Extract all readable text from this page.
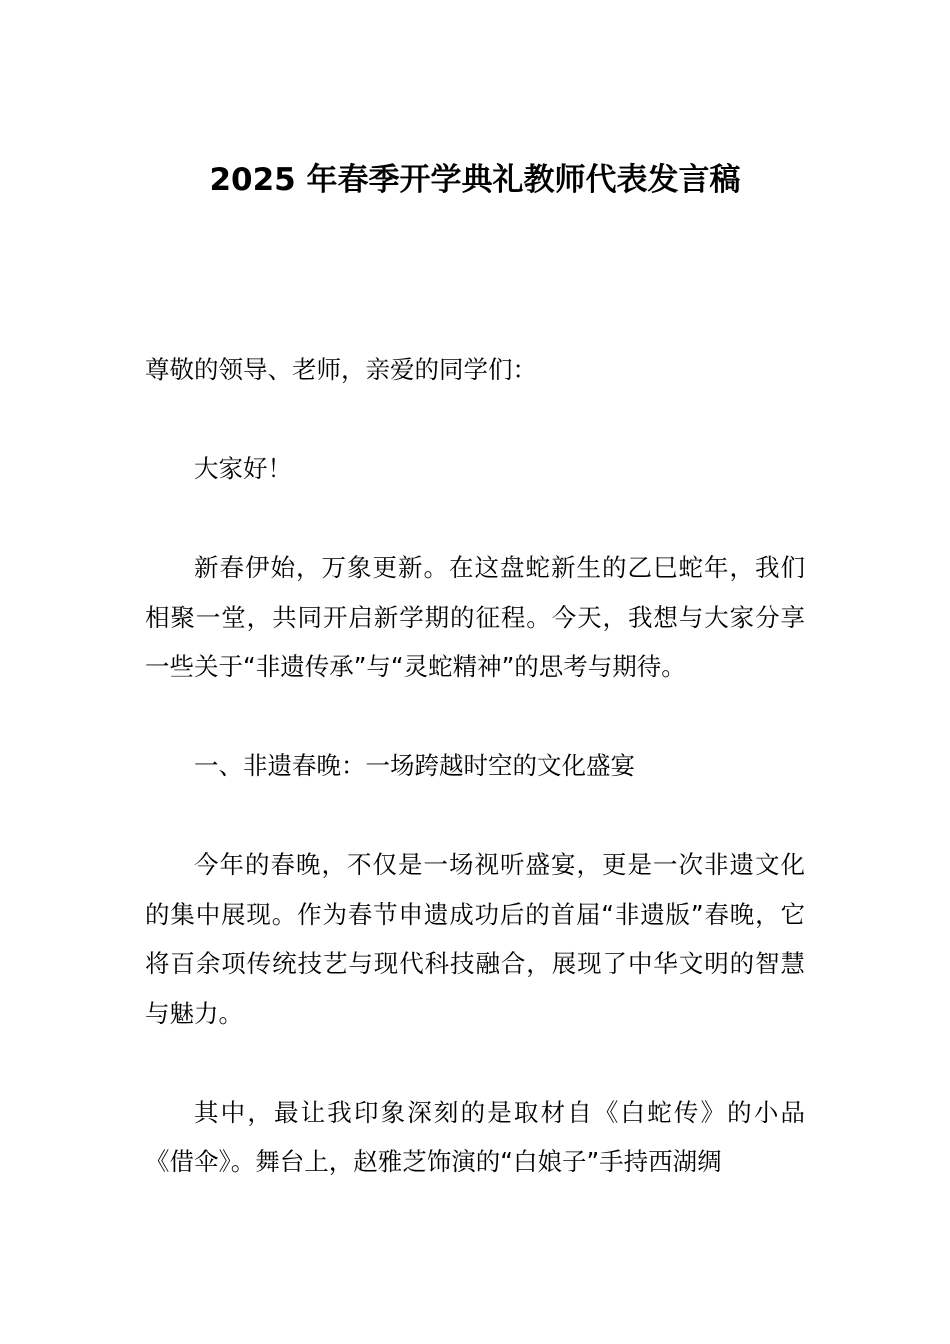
2025 年春季开学典礼教师代表发言稿

尊敬的领导、老师，亲爱的同学们：

大家好！

新春伊始，万象更新。在这盘蛇新生的乙巳蛇年，我们相聚一堂，共同开启新学期的征程。今天，我想与大家分享一些关于“非遗传承”与“灵蛇精神”的思考与期待。

一、非遗春晚：一场跨越时空的文化盛宴

今年的春晚，不仅是一场视听盛宴，更是一次非遗文化的集中展现。作为春节申遗成功后的首届“非遗版”春晚，它将百余项传统技艺与现代科技融合，展现了中华文明的智慧与魅力。

其中，最让我印象深刻的是取材自《白蛇传》的小品《借伞》。舞台上，赵雅芝饰演的“白娘子”手持西湖绸
